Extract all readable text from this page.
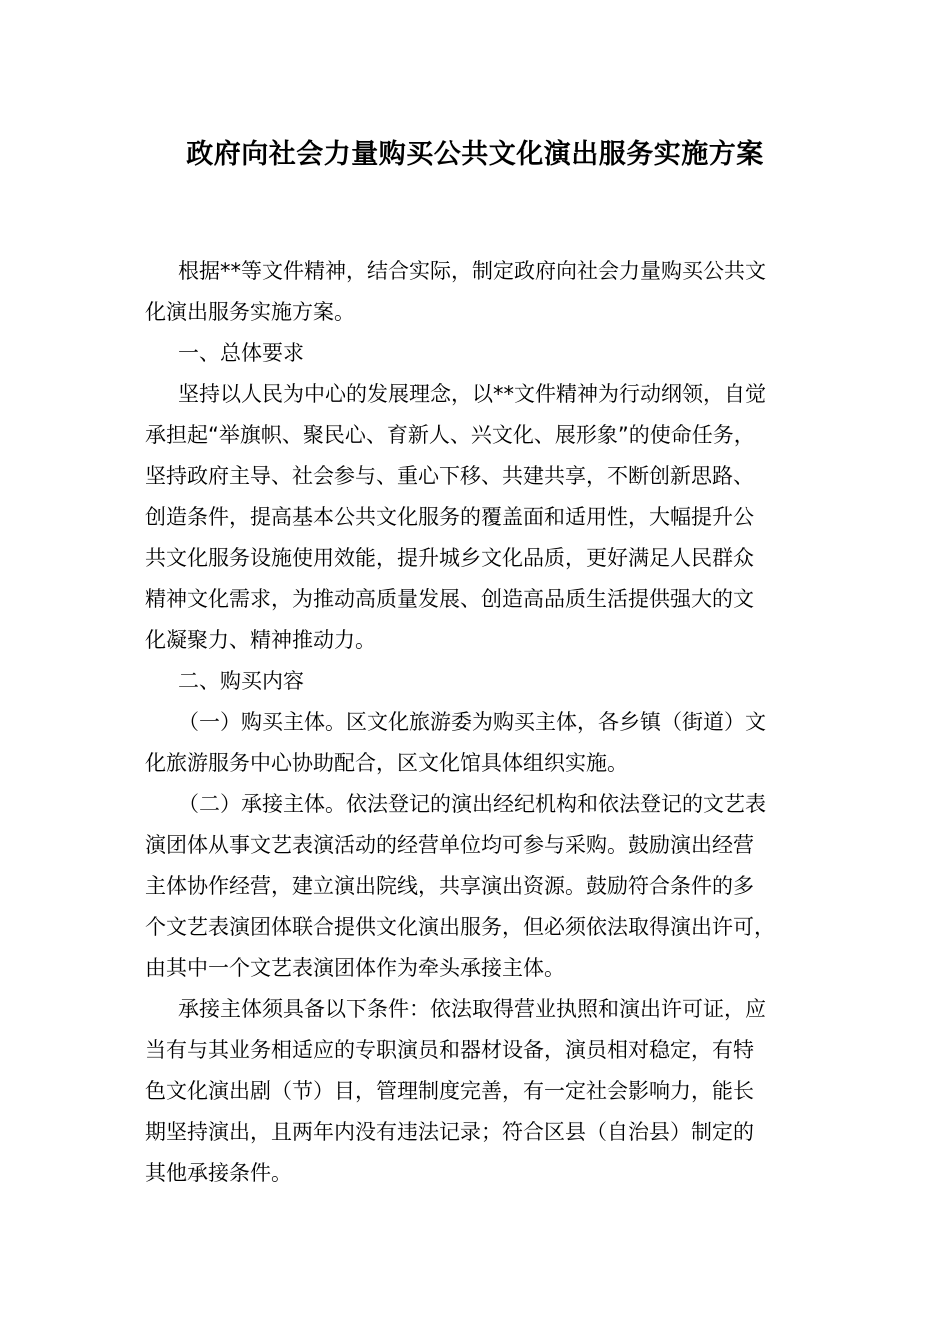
政府向社会力量购买公共文化演出服务实施方案
根据**等文件精神，结合实际，制定政府向社会力量购买公共文
化演出服务实施方案。
一、总体要求
坚持以人民为中心的发展理念，以**文件精神为行动纲领，自觉
承担起“举旗帜、聚民心、育新人、兴文化、展形象”的使命任务，
坚持政府主导、社会参与、重心下移、共建共享，不断创新思路、
创造条件，提高基本公共文化服务的覆盖面和适用性，大幅提升公
共文化服务设施使用效能，提升城乡文化品质，更好满足人民群众
精神文化需求，为推动高质量发展、创造高品质生活提供强大的文
化凝聚力、精神推动力。
二、购买内容
（一）购买主体。区文化旅游委为购买主体，各乡镇（街道）文
化旅游服务中心协助配合，区文化馆具体组织实施。
（二）承接主体。依法登记的演出经纪机构和依法登记的文艺表
演团体从事文艺表演活动的经营单位均可参与采购。鼓励演出经营
主体协作经营，建立演出院线，共享演出资源。鼓励符合条件的多
个文艺表演团体联合提供文化演出服务，但必须依法取得演出许可，
由其中一个文艺表演团体作为牵头承接主体。
承接主体须具备以下条件：依法取得营业执照和演出许可证，应
当有与其业务相适应的专职演员和器材设备，演员相对稳定，有特
色文化演出剧（节）目，管理制度完善，有一定社会影响力，能长
期坚持演出，且两年内没有违法记录；符合区县（自治县）制定的
其他承接条件。
